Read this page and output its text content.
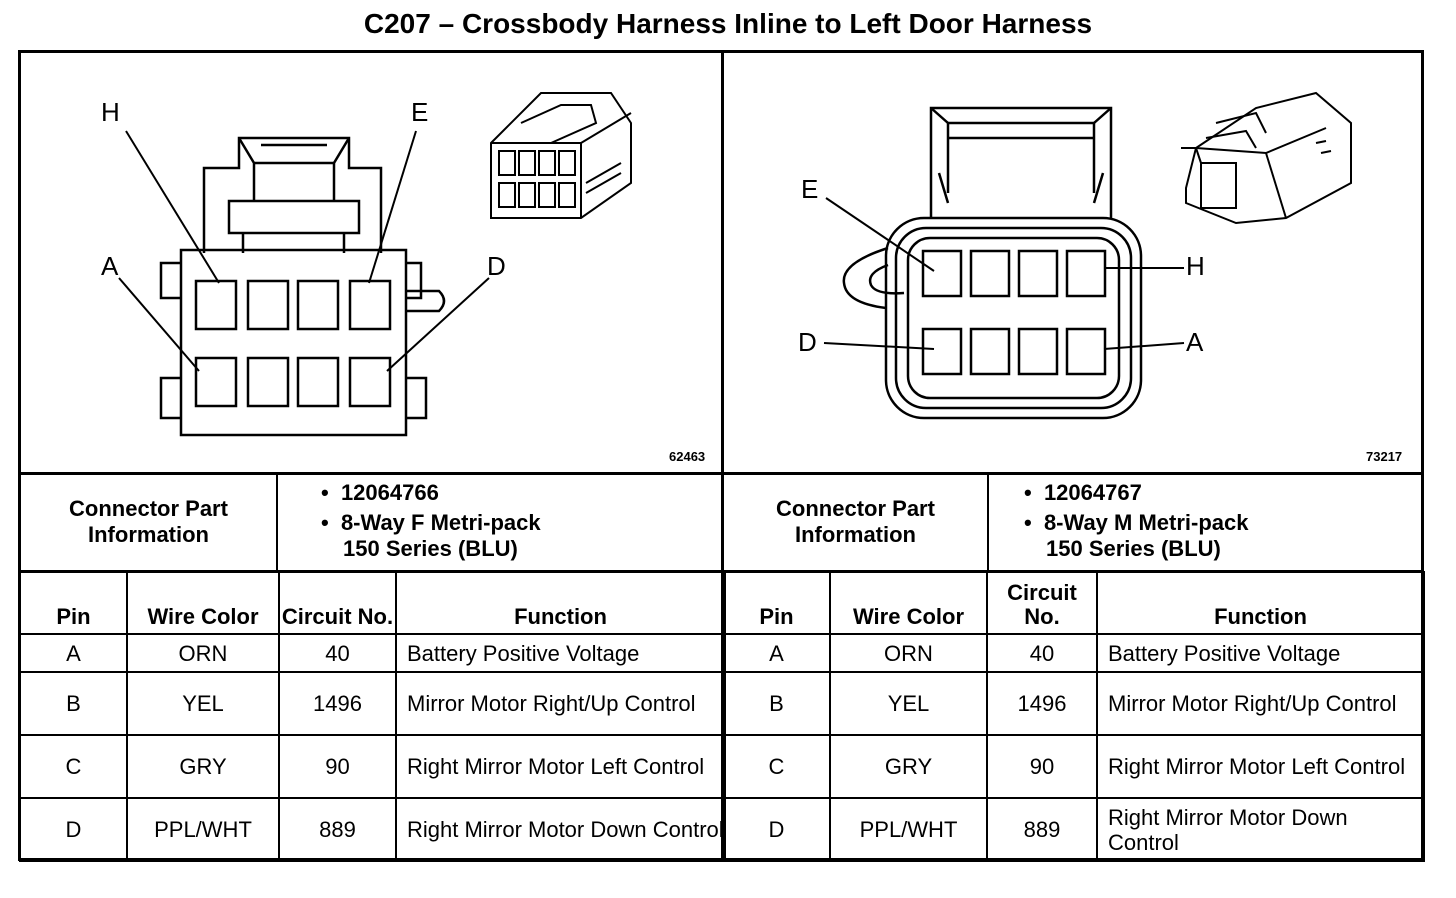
C207 – Crossbody Harness Inline to Left Door Harness
H	E
A	D
62463
E
H
D	A
73217
Connector Part Information
• 12064766
• 8-Way F Metri-pack
150 Series (BLU)
Connector Part Information
• 12064767
• 8-Way M Metri-pack
150 Series (BLU)
Pin	Wire Color	Circuit No.	Function
A	ORN	40	Battery Positive Voltage
B	YEL	1496	Mirror Motor Right/Up Control
C	GRY	90	Right Mirror Motor Left Control
D	PPL/WHT	889	Right Mirror Motor Down Control
Pin	Wire Color	Circuit No.	Function
A	ORN	40	Battery Positive Voltage
B	YEL	1496	Mirror Motor Right/Up Control
C	GRY	90	Right Mirror Motor Left Control
D	PPL/WHT	889	Right Mirror Motor Down Control
